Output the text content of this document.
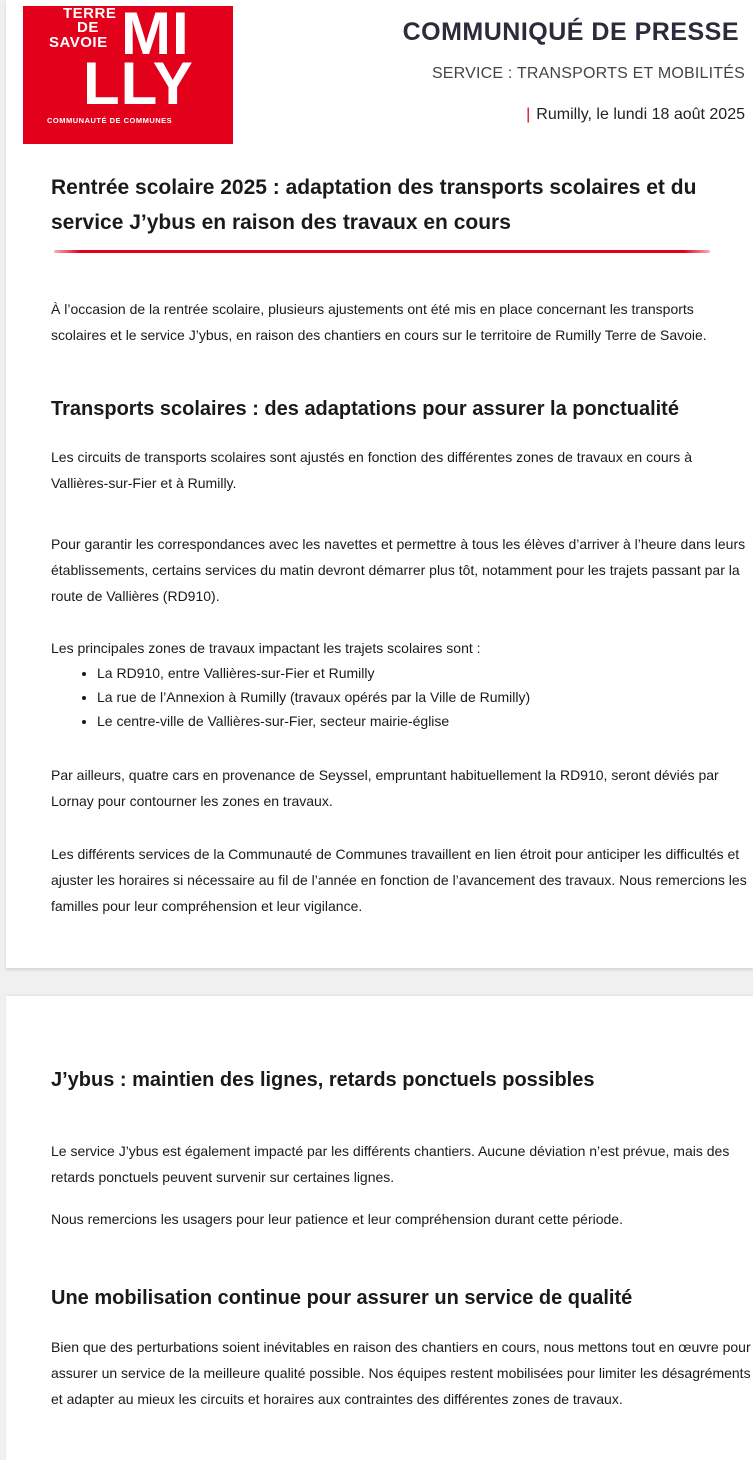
TERRE
DE
SAVOIE MI
LLY
COMMUNAUTÉ DE COMMUNES
COMMUNIQUÉ DE PRESSE
SERVICE : TRANSPORTS ET MOBILITÉS
| Rumilly, le lundi 18 août 2025
Rentrée scolaire 2025 : adaptation des transports scolaires et du service J’ybus en raison des travaux en cours

À l’occasion de la rentrée scolaire, plusieurs ajustements ont été mis en place concernant les transports scolaires et le service J’ybus, en raison des chantiers en cours sur le territoire de Rumilly Terre de Savoie.

Transports scolaires : des adaptations pour assurer la ponctualité

Les circuits de transports scolaires sont ajustés en fonction des différentes zones de travaux en cours à Vallières-sur-Fier et à Rumilly.

Pour garantir les correspondances avec les navettes et permettre à tous les élèves d’arriver à l’heure dans leurs établissements, certains services du matin devront démarrer plus tôt, notamment pour les trajets passant par la route de Vallières (RD910).

Les principales zones de travaux impactant les trajets scolaires sont :

• La RD910, entre Vallières-sur-Fier et Rumilly
• La rue de l’Annexion à Rumilly (travaux opérés par la Ville de Rumilly)
• Le centre-ville de Vallières-sur-Fier, secteur mairie-église

Par ailleurs, quatre cars en provenance de Seyssel, empruntant habituellement la RD910, seront déviés par Lornay pour contourner les zones en travaux.

Les différents services de la Communauté de Communes travaillent en lien étroit pour anticiper les difficultés et ajuster les horaires si nécessaire au fil de l’année en fonction de l’avancement des travaux. Nous remercions les familles pour leur compréhension et leur vigilance.

J’ybus : maintien des lignes, retards ponctuels possibles

Le service J’ybus est également impacté par les différents chantiers. Aucune déviation n’est prévue, mais des retards ponctuels peuvent survenir sur certaines lignes.

Nous remercions les usagers pour leur patience et leur compréhension durant cette période.

Une mobilisation continue pour assurer un service de qualité

Bien que des perturbations soient inévitables en raison des chantiers en cours, nous mettons tout en œuvre pour assurer un service de la meilleure qualité possible. Nos équipes restent mobilisées pour limiter les désagréments et adapter au mieux les circuits et horaires aux contraintes des différentes zones de travaux.
